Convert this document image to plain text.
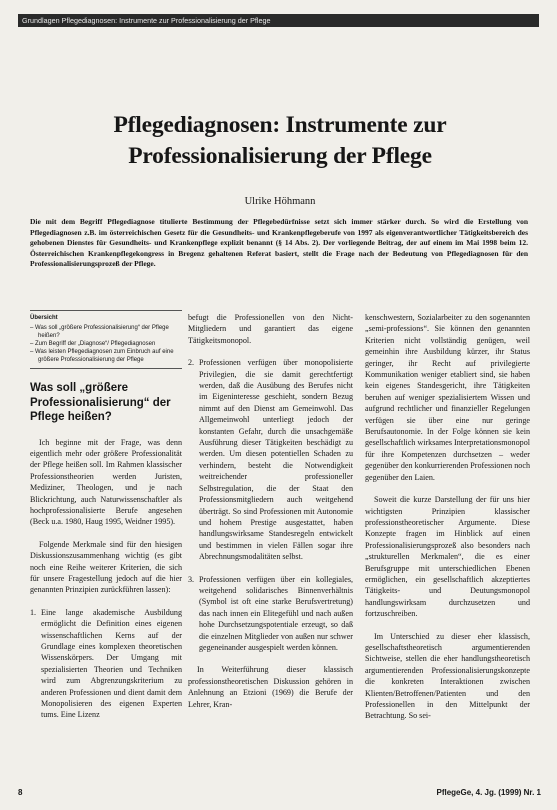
Grundlagen Pflegediagnosen: Instrumente zur Professionalisierung der Pflege
Pflegediagnosen: Instrumente zur
Professionalisierung der Pflege
Ulrike Höhmann
Die mit dem Begriff Pflegediagnose titulierte Bestimmung der Pflegebedürfnisse setzt sich immer stärker durch. So wird die Erstellung von Pflegediagnosen z.B. im österreichischen Gesetz für die Gesundheits- und Krankenpflegeberufe von 1997 als eigenverantwortlicher Tätigkeitsbereich des gehobenen Dienstes für Gesundheits- und Krankenpflege explizit benannt (§ 14 Abs. 2). Der vorliegende Beitrag, der auf einem im Mai 1998 beim 12. Österreichischen Krankenpflegekongress in Bregenz gehaltenen Referat basiert, stellt die Frage nach der Bedeutung von Pflegediagnosen für den Professionalisierungsprozeß der Pflege.
Übersicht
– Was soll „größere Professionalisierung“ der Pflege heißen?
– Zum Begriff der „Diagnose“/ Pflegediagnosen
– Was leisten Pflegediagnosen zum Einbruch auf eine größere Professionalisierung der Pflege
Was soll „größere Professionalisierung“ der Pflege heißen?

Ich beginne mit der Frage, was denn eigentlich mehr oder größere Professionalität der Pflege heißen soll. Im Rahmen klassischer Professionstheorien werden Juristen, Mediziner, Theologen, und je nach Blickrichtung, auch Naturwissenschaftler als hochprofessionalisierte Berufe angesehen (Beck u.a. 1980, Haug 1995, Weidner 1995).

Folgende Merkmale sind für den hiesigen Diskussionszusammenhang wichtig (es gibt noch eine Reihe weiterer Kriterien, die sich für unsere Fragestellung jedoch auf die hier genannten Prinzipien zurückführen lassen):

1. Eine lange akademische Ausbildung ermöglicht die Definition eines eigenen wissenschaftlichen Kerns auf der Grundlage eines komplexen theoretischen Wissenskörpers. Der Umgang mit spezialisierten Theorien und Techniken wird zum Abgrenzungskriterium zu anderen Professionen und dient damit dem Monopolisieren des eigenen Experten tums. Eine Lizenz

befugt die Professionellen von den Nicht-Mitgliedern und garantiert das eigene Tätigkeitsmonopol.

2. Professionen verfügen über monopolisierte Privilegien, die sie damit gerechtfertigt werden, daß die Ausübung des Berufes nicht im Eigeninteresse geschieht, sondern Bezug nimmt auf den Dienst am Gemeinwohl. Das Allgemeinwohl unterliegt jedoch der konstanten Gefahr, durch die unsachgemäße Ausführung dieser Tätigkeiten beschädigt zu werden. Um diesen potentiellen Schaden zu verhindern, besteht die Notwendigkeit weitreichender professioneller Selbstregulation, die der Staat den Professionsmitgliedern auch weitgehend überträgt. So sind Professionen mit Autonomie und hohem Prestige ausgestattet, haben handlungswirksame Standesregeln entwickelt und bestimmen in vielen Fällen sogar ihre Abrechnungsmodalitäten selbst.
3. Professionen verfügen über ein kollegiales, weitgehend solidarisches Binnenverhältnis (Symbol ist oft eine starke Berufsvertretung) das nach innen ein Elitegefühl und nach außen hohe Durchsetzungspotentiale erzeugt, so daß die einzelnen Mitglieder von außen nur schwer gegeneinander ausgespielt werden können.

In Weiterführung dieser klassisch professionstheoretischen Diskussion gehören in Anlehnung an Etzioni (1969) die Berufe der Lehrer, Kran-

kenschwestern, Sozialarbeiter zu den sogenannten „semi-professions“. Sie können den genannten Kriterien nicht vollständig genügen, weil gemeinhin ihre Ausbildung kürzer, ihr Status geringer, ihr Recht auf privilegierte Kommunikation weniger etabliert sind, sie haben kein eigenes Standesgericht, ihre Tätigkeiten beruhen auf weniger spezialisiertem Wissen und aufgrund rechtlicher und finanzieller Regelungen verfügen sie über eine nur geringe Berufsautonomie. In der Folge können sie kein gesellschaftlich wirksames Interpretationsmonopol für ihre Kompetenzen durchsetzen – weder gegenüber den konkurrierenden Professionen noch gegenüber den Laien.

Soweit die kurze Darstellung der für uns hier wichtigsten Prinzipien klassischer professionstheoretischer Argumente. Diese Konzepte fragen im Hinblick auf einen Professionalisierungsprozeß also besonders nach „strukturellen Merkmalen“, die es einer Berufsgruppe mit unterschiedlichen Ebenen ermöglichen, ein gesellschaftlich akzeptiertes Tätigkeits- und Deutungsmonopol handlungswirksam durchzusetzen und fortzuschreiben.

Im Unterschied zu dieser eher klassisch, gesellschaftstheoretisch argumentierenden Sichtweise, stellen die eher handlungstheoretisch argumentierenden Professionalisierungskonzepte die konkreten Interaktionen zwischen Klienten/Betroffenen/Patienten und den Professionellen in den Mittelpunkt der Betrachtung. So sei-

8	PflegeGe, 4. Jg. (1999) Nr. 1
